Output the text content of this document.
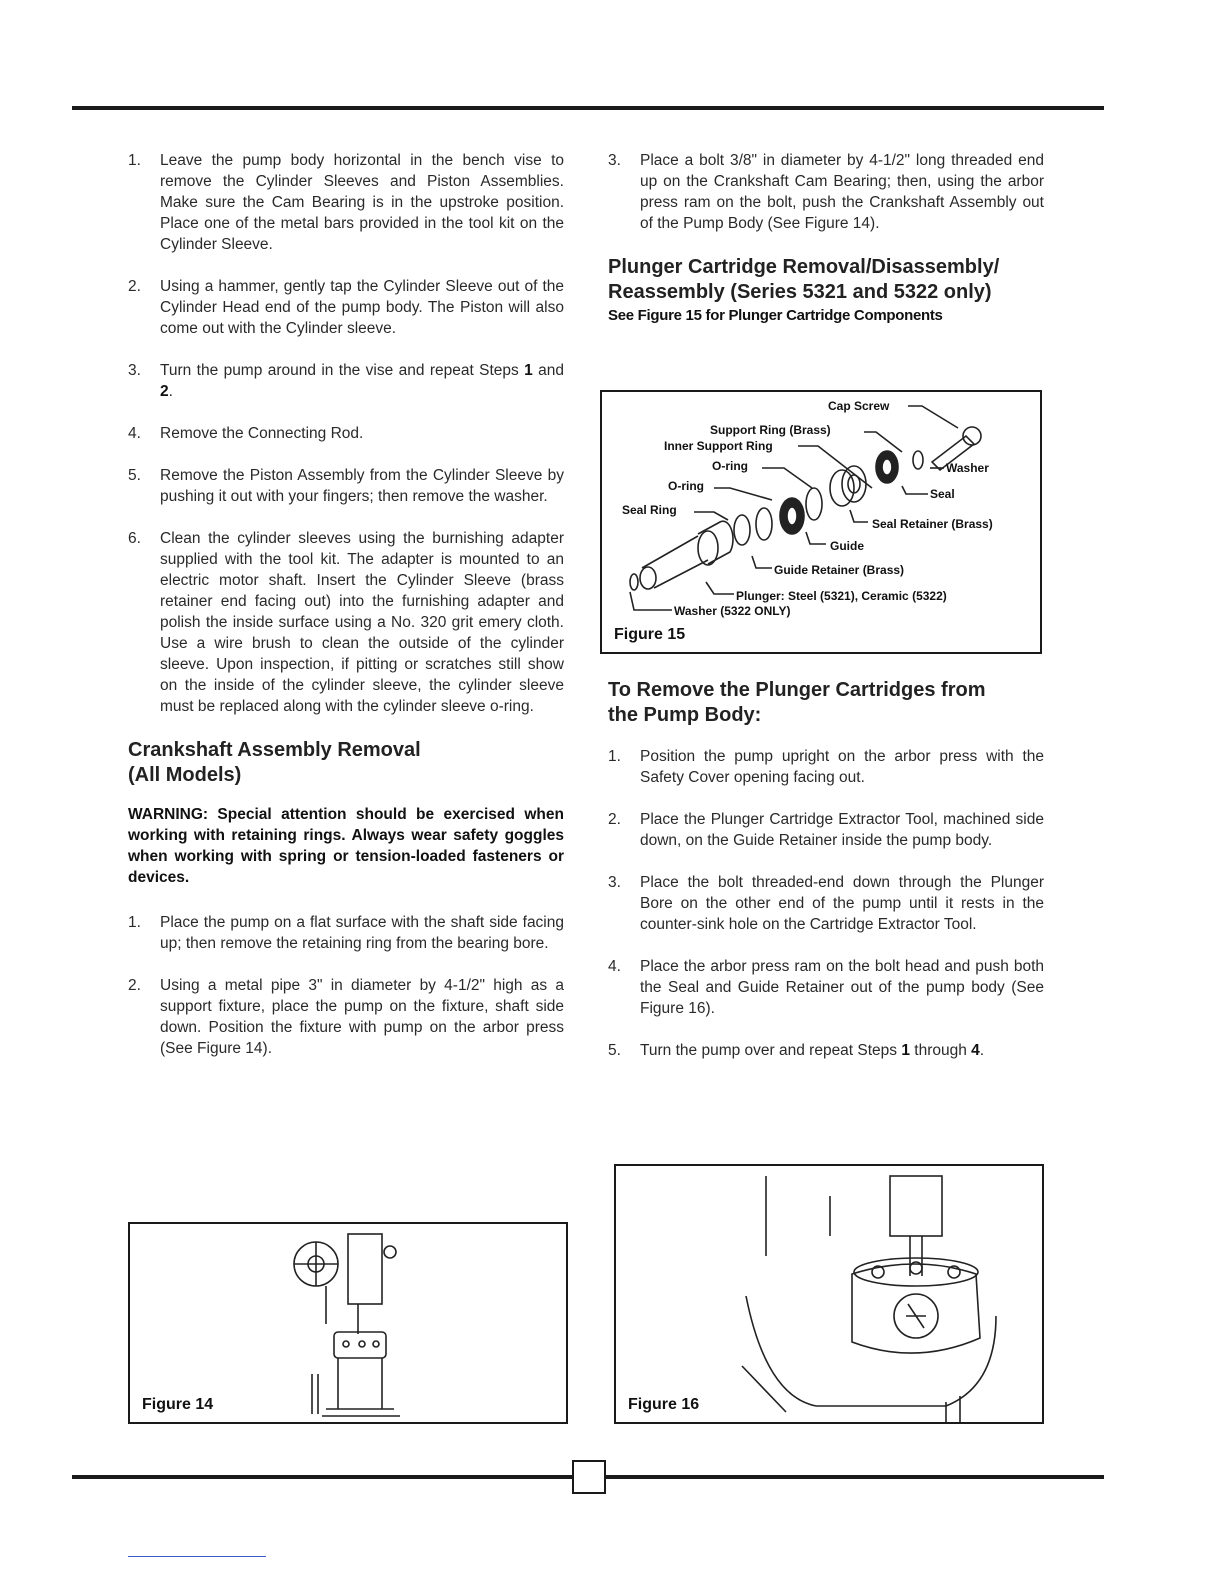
1. Leave the pump body horizontal in the bench vise to remove the Cylinder Sleeves and Piston Assemblies. Make sure the Cam Bearing is in the upstroke position. Place one of the metal bars provided in the tool kit on the Cylinder Sleeve.
2. Using a hammer, gently tap the Cylinder Sleeve out of the Cylinder Head end of the pump body. The Piston will also come out with the Cylinder sleeve.
3. Turn the pump around in the vise and repeat Steps 1 and 2.
4. Remove the Connecting Rod.
5. Remove the Piston Assembly from the Cylinder Sleeve by pushing it out with your fingers; then remove the washer.
6. Clean the cylinder sleeves using the burnishing adapter supplied with the tool kit. The adapter is mounted to an electric motor shaft. Insert the Cylinder Sleeve (brass retainer end facing out) into the furnishing adapter and polish the inside surface using a No. 320 grit emery cloth. Use a wire brush to clean the outside of the cylinder sleeve. Upon inspection, if pitting or scratches still show on the inside of the cylinder sleeve, the cylinder sleeve must be replaced along with the cylinder sleeve o-ring.
Crankshaft Assembly Removal
(All Models)

WARNING: Special attention should be exercised when working with retaining rings. Always wear safety goggles when working with spring or tension-loaded fasteners or devices.

1. Place the pump on a flat surface with the shaft side facing up; then remove the retaining ring from the bearing bore.
2. Using a metal pipe 3" in diameter by 4-1/2" high as a support fixture, place the pump on the fixture, shaft side down. Position the fixture with pump on the arbor press (See Figure 14).
Figure 14
3. Place a bolt 3/8" in diameter by 4-1/2" long threaded end up on the Crankshaft Cam Bearing; then, using the arbor press ram on the bolt, push the Crankshaft Assembly out of the Pump Body (See Figure 14).
Plunger Cartridge Removal/Disassembly/
Reassembly (Series 5321 and 5322 only)

See Figure 15 for Plunger Cartridge Components

Cap Screw
Support Ring (Brass)
Inner Support Ring
O-ring
O-ring
Seal Ring
Washer
Seal
Seal Retainer (Brass)
Guide
Guide Retainer (Brass)
Plunger: Steel (5321), Ceramic (5322)
Washer (5322 ONLY)
Figure 15
To Remove the Plunger Cartridges from
the Pump Body:
1. Position the pump upright on the arbor press with the Safety Cover opening facing out.
2. Place the Plunger Cartridge Extractor Tool, machined side down, on the Guide Retainer inside the pump body.
3. Place the bolt threaded-end down through the Plunger Bore on the other end of the pump until it rests in the counter-sink hole on the Cartridge Extractor Tool.
4. Place the arbor press ram on the bolt head and push both the Seal and Guide Retainer out of the pump body (See Figure 16).
5. Turn the pump over and repeat Steps 1 through 4.
Figure 16
